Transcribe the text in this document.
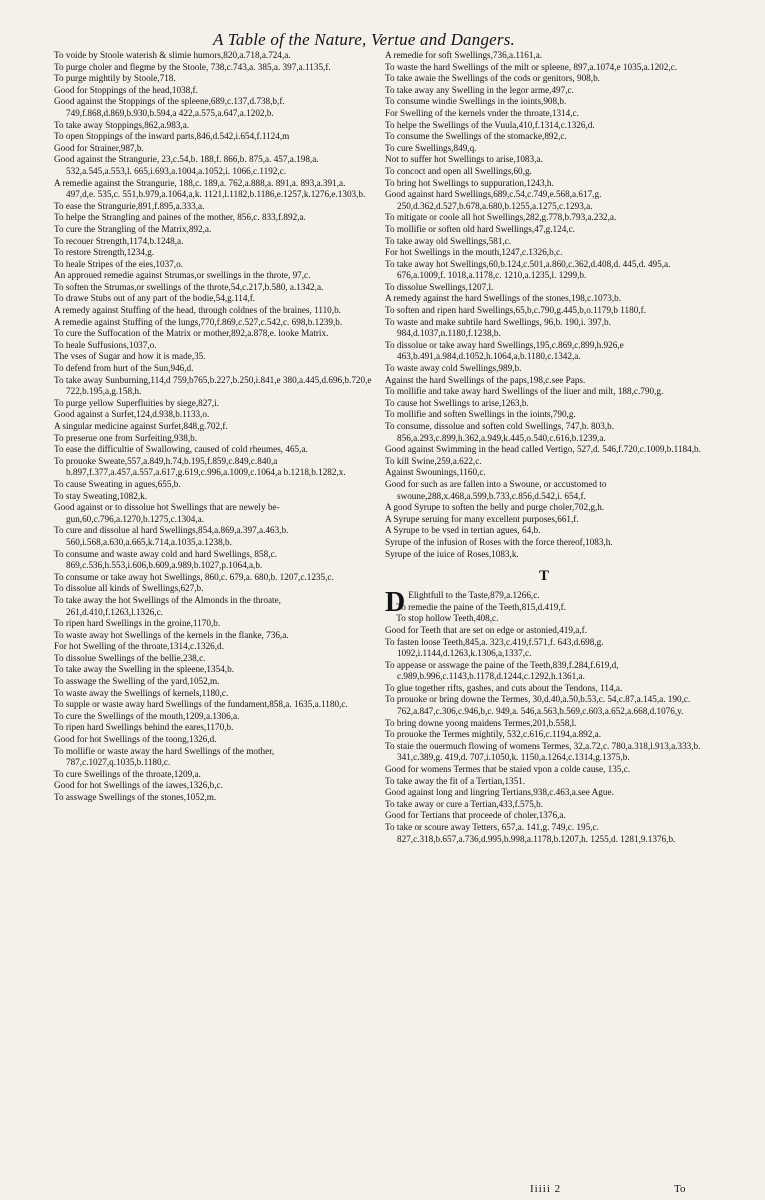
A Table of the Nature, Vertue and Dangers.
To voide by Stoole waterish & slimie humors,820,a.718,a.724,a.
To purge choler and flegme by the Stoole, 738,c.743,a. 385,a. 397,a.1135,f.
To purge mightily by Stoole,718.
Good for Stoppings of the head,1038,f.
Good against the Stoppings of the spleene,689,c.137,d.738,b,f. 749,f.868,d.869,b.930,b.594,a 422,a.575,a.647,a.1202,b.
To take away Stoppings,862,a.983,a.
To open Stoppings of the inward parts,846,d.542,i.654,f.1124,m
Good for Strainer,987,b.
Good against the Strangurie, 23,c.54,b. 188,f. 866,b. 875,a. 457,a.198,a. 532,a.545,a.553,l. 665,i.693,a.1004,a.1052,i. 1066,c.1192,c.
A remedie against the Strangurie, 188,c. 189,a. 762,a.888,a. 891,a. 893,a.391,a. 497,d,e. 535,c. 551,b.979,a.1064,a,k. 1121,l.1182,b.1186,e.1257,k.1276,e.1303,b.
To ease the Strangurie,891,f.895,a.333,a.
To helpe the Strangling and paines of the mother, 856,c. 833,f.892,a.
To cure the Strangling of the Matrix,892,a.
To recouer Strength,1174,b.1248,a.
To restore Strength,1234,g.
To heale Stripes of the eies,1037,o.
An approued remedie against Strumas,or swellings in the throte, 97,c.
To soften the Strumas,or swellings of the throte,54,c.217,b.580, a.1342,a.
To drawe Stubs out of any part of the bodie,54,g.114,f.
A remedy against Stuffing of the head, through coldnes of the braines, 1110,b.
A remedie against Stuffing of the lungs,770,f.869,c.527,c.542,c. 698,b.1239,b.
To cure the Suffocation of the Matrix or mother,892,a.878,e. looke Matrix.
To heale Suffusions,1037,o.
The vses of Sugar and how it is made,35.
To defend from hurt of the Sun,946,d.
To take away Sunburning,114,d 759,b765,b.227,b.250,i.841,e 380,a.445,d.696,b.720,e 722,b.195,a,g.158,h.
To purge yellow Superfluities by siege,827,i.
Good against a Surfet,124,d.938,b.1133,o.
A singular medicine against Surfet,848,g.702,f.
To preserue one from Surfeiting,938,b.
To ease the difficultie of Swallowing, caused of cold rheumes, 465,a.
To prouoke Sweate,557,a.849,h.74,b.195,f.859,c.849,c.840,a b.897,f.377,a.457,a.557,a.617,g.619,c.996,a.1009,c.1064,a b.1218,b.1282,x.
To cause Sweating in agues,655,b.
To stay Sweating,1082,k.
Good against or to dissolue hot Swellings that are newely be- gun,60,c.796,a.1270,b.1275,c.1304,a.
To cure and dissolue al hard Swellings,854,a.869,a.397,a.463,b. 560,i.568,a.630,a.665,k.714,a.1035,a.1238,b.
To consume and waste away cold and hard Swellings, 858,c. 869,c.536,h.553,i.606,b.609,a.989,b.1027,p.1064,a,b.
To consume or take away hot Swellings, 860,c. 679,a. 680,b. 1207,c.1235,c.
To dissolue all kinds of Swellings,627,b.
To take away the hot Swellings of the Almonds in the throate, 261,d.410,f.1263,l.1326,c.
To ripen hard Swellings in the groine,1170,b.
To waste away hot Swellings of the kernels in the flanke, 736,a.
For hot Swelling of the throate,1314,c.1326,d.
To dissolue Swellings of the bellie,238,c.
To take away the Swelling in the spleene,1354,b.
To asswage the Swelling of the yard,1052,m.
To waste away the Swellings of kernels,1180,c.
To supple or waste away hard Swellings of the fundament,858,a. 1635,a.1180,c.
To cure the Swellings of the mouth,1209,a.1306,a.
To ripen hard Swellings behind the eares,1170,b.
Good for hot Swellings of the toong,1326,d.
To mollifie or waste away the hard Swellings of the mother, 787,c.1027,q.1035,b.1180,c.
To cure Swellings of the throate,1209,a.
Good for hot Swellings of the iawes,1326,b,c.
To asswage Swellings of the stones,1052,m.
A remedie for soft Swellings,736,a.1161,a.
To waste the hard Swellings of the milt or spleene, 897,a.1074,e 1035,a.1202,c.
To take awaie the Swellings of the cods or genitors, 908,b.
To take away any Swelling in the legor arme,497,c.
To consume windie Swellings in the ioints,908,b.
For Swelling of the kernels vnder the throate,1314,c.
To helpe the Swellings of the Vuula,410,f.1314,c.1326,d.
To consume the Swellings of the stomacke,892,c.
To cure Swellings,849,q.
Not to suffer hot Swellings to arise,1083,a.
To concoct and open all Swellings,60,g.
To bring hot Swellings to suppuration,1243,h.
Good against hard Swellings,689,c.54,c.749,e.568,a.617,g. 250,d.362,d.527,b.678,a.680,b.1255,a.1275,c.1293,a.
To mitigate or coole all hot Swellings,282,g.778,b.793,a.232,a.
To mollifie or soften old hard Swellings,47,g.124,c.
To take away old Swellings,581,c.
For hot Swellings in the mouth,1247,c.1326,b,c.
To take away hot Swellings,60,b.124,c.501,a.860,c.362,d.408,d. 445,d. 495,a. 676,a.1009,f. 1018,a.1178,c. 1210,a.1235,l. 1299,b.
To dissolue Swellings,1207,l.
A remedy against the hard Swellings of the stones,198,c.1073,b.
To soften and ripen hard Swellings,65,b,c.790,g.445,b,o.1179,b 1180,f.
To waste and make subtile hard Swellings, 96,b. 190,i. 397,b. 984,d.1037,n.1180,f.1238,b.
To dissolue or take away hard Swellings,195,c.869,c.899,h.926,e 463,b.491,a.984,d.1052,h.1064,a,b.1180,c.1342,a.
To waste away cold Swellings,989,b.
Against the hard Swellings of the paps,198,c.see Paps.
To mollifie and take away hard Swellings of the liuer and milt, 188,c.790,g.
To cause hot Swellings to arise,1263,b.
To mollifie and soften Swellings in the ioints,790,g.
To consume, dissolue and soften cold Swellings, 747,b. 803,b. 856,a.293,c.899,h.362,a.949,k.445,o.540,c.616,b.1239,a.
Good against Swimming in the head called Vertigo, 527,d. 546,f.720,c.1009,b.1184,b.
To kill Swine,259,a.622,c.
Against Swounings,1160,c.
Good for such as are fallen into a Swoune, or accustomed to swoune,288,x.468,a.599,b.733,c.856,d.542,i. 654,f.
A good Syrupe to soften the belly and purge choler,702,g,h.
A Syrupe seruing for many excellent purposes,661,f.
A Syrupe to be vsed in tertian agues, 64,b.
Syrupe of the infusion of Roses with the force thereof,1083,h.
Syrupe of the iuice of Roses,1083,k.
T
D Elightfull to the Taste,879,a.1266,c.
To remedie the paine of the Teeth,815,d.419,f.
To stop hollow Teeth,408,c.
Good for Teeth that are set on edge or astonied,419,a,f.
To fasten loose Teeth,845,a. 323,c.419,f.571,f. 643,d.698,g. 1092,i.1144,d.1263,k.1306,a,1337,c.
To appease or asswage the paine of the Teeth,839,f.284,f.619,d, c.989,b.996,c.1143,b.1178,d.1244,c.1292,h.1361,a.
To glue together rifts, gashes, and cuts about the Tendons, 114,a.
To prouoke or bring downe the Termes, 30,d.40,a.50,b.53,c. 54,c.87,a.145,a. 190,c. 762,a.847,c.306,c.946,b,c. 949,a. 546,a.563,b.569,c.603,a.652,a.668,d.1076,y.
To bring downe yoong maidens Termes,201,b.558,l.
To prouoke the Termes mightily, 532,c.616,c.1194,a.892,a.
To staie the ouermuch flowing of womens Termes, 32,a.72,c. 780,a.318,l.913,a.333,b. 341,c.389,g. 419,d. 707,i.1050,k. 1150,a.1264,c.1314,g.1375,b.
Good for womens Termes that be staied vpon a colde cause, 135,c.
To take away the fit of a Tertian,1351.
Good against long and lingring Tertians,938,c.463,a.see Ague.
To take away or cure a Tertian,433,f.575,b.
Good for Tertians that proceede of choler,1376,a.
To take or scoure away Tetters, 657,a. 141,g. 749,c. 195,c. 827,c.318,b.657,a.736,d.995,b.998,a.1178,b.1207,h. 1255,d. 1281,9.1376,b.
Iiiii 2	To
